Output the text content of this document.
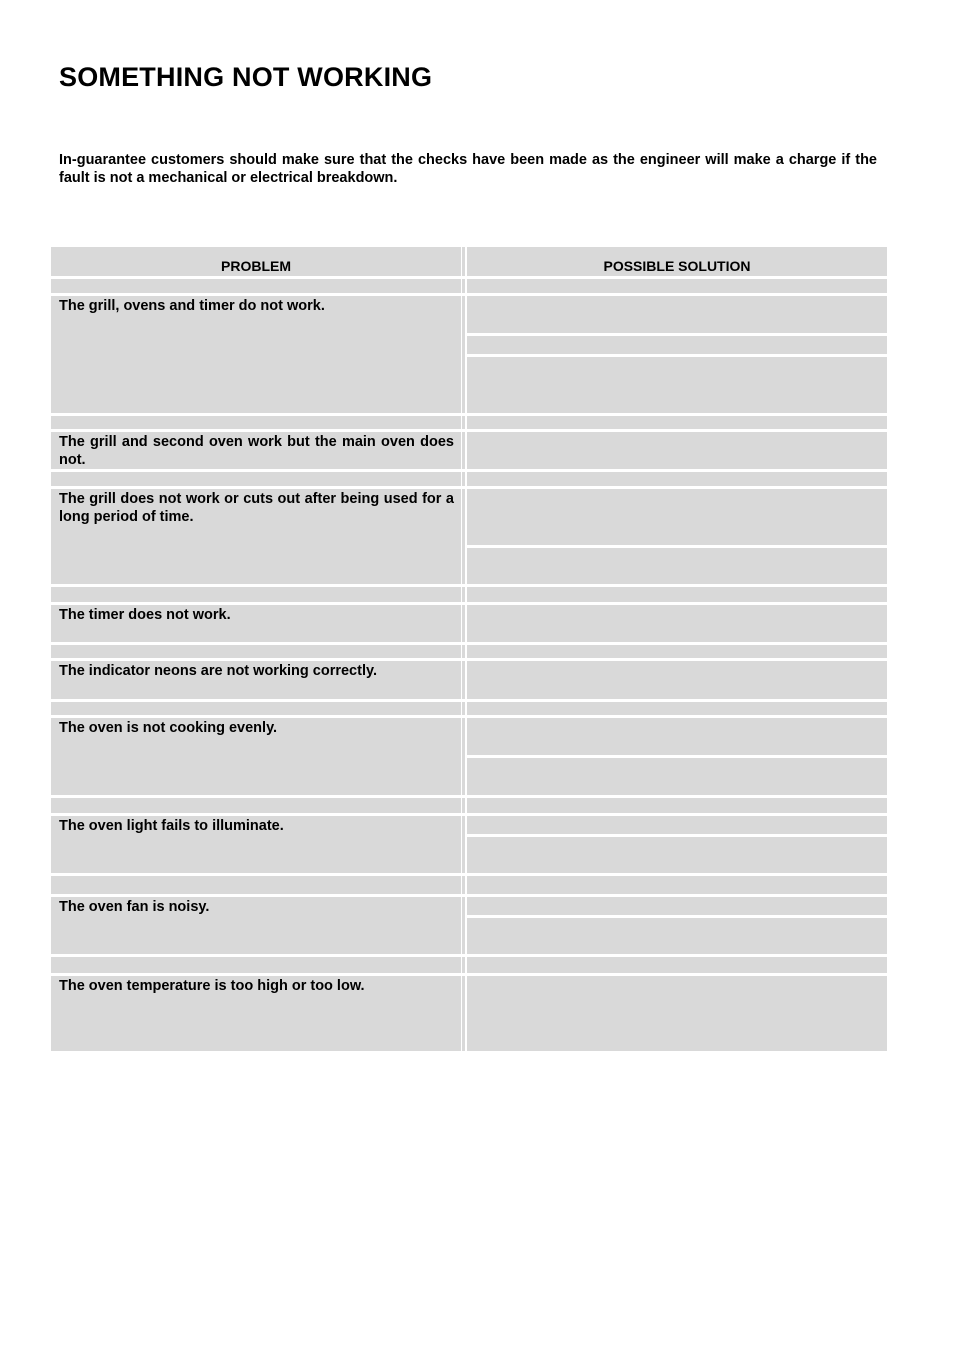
SOMETHING NOT WORKING

In-guarantee customers should make sure that the checks have been made as the engineer will make a charge if the fault is not a mechanical or electrical breakdown.

PROBLEM	POSSIBLE SOLUTION
The grill, ovens and timer do not work.
The grill and second oven work but the main oven does not.
The grill does not work or cuts out after being used for a long period of time.
The timer does not work.
The indicator neons are not working correctly.
The oven is not cooking evenly.
The oven light fails to illuminate.
The oven fan is noisy.
The oven temperature is too high or too low.
